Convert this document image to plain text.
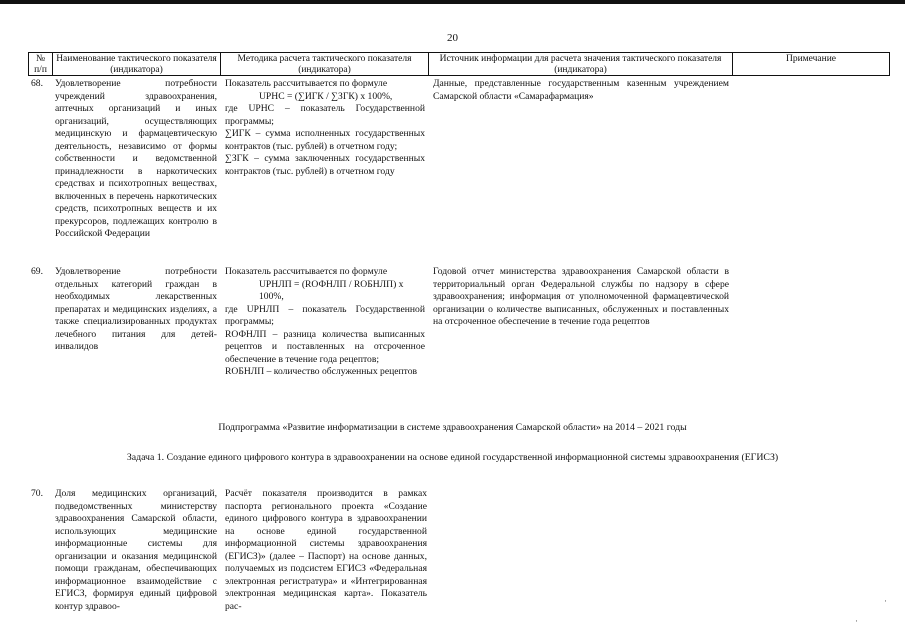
20
№
п/п
Наименование тактического показателя (индикатора)
Методика расчета тактического показателя (индикатора)
Источник информации для расчета значения тактического показателя (индикатора)
Примечание
68. Удовлетворение потребности учреждений здравоохранения, аптечных организаций и иных организаций, осуществляющих медицинскую и фармацевтическую деятельность, независимо от формы собственности и ведомственной принадлежности в наркотических средствах и психотропных веществах, включенных в перечень наркотических средств, психотропных веществ и их прекурсоров, подлежащих контролю в Российской Федерации

Показатель рассчитывается по формуле

UPНС = (∑ИГК / ∑ЗГК) x 100%,

где UPНС – показатель Государственной программы;

∑ИГК – сумма исполненных государственных контрактов (тыс. рублей) в отчетном году;

∑ЗГК – сумма заключенных государственных контрактов (тыс. рублей) в отчетном году

Данные, представленные государственным казенным учреждением Самарской области «Самарафармация»
69. Удовлетворение потребности отдельных категорий граждан в необходимых лекарственных препаратах и медицинских изделиях, а также специализированных продуктах лечебного питания для детей-инвалидов

Показатель рассчитывается по формуле

UPНЛП = (RОФНЛП / RОБНЛП) x 100%,

где UPНЛП – показатель Государственной программы;

RОФНЛП – разница количества выписанных рецептов и поставленных на отсроченное обеспечение в течение года рецептов;

RОБНЛП – количество обслуженных рецептов

Годовой отчет министерства здравоохранения Самарской области в территориальный орган Федеральной службы по надзору в сфере здравоохранения; информация от уполномоченной фармацевтической организации о количестве выписанных, обслуженных и поставленных на отсроченное обеспечение в течение года рецептов
Подпрограмма «Развитие информатизации в системе здравоохранения Самарской области» на 2014 – 2021 годы
Задача 1. Создание единого цифрового контура в здравоохранении на основе единой государственной информационной системы здравоохранения (ЕГИСЗ)
70. Доля медицинских организаций, подведомственных министерству здравоохранения Самарской области, использующих медицинские информационные системы для организации и оказания медицинской помощи гражданам, обеспечивающих информационное взаимодействие с ЕГИСЗ, формируя единый цифровой контур здравоо-
Расчёт показателя производится в рамках паспорта регионального проекта «Создание единого цифрового контура в здравоохранении на основе единой государственной информационной системы здравоохранения (ЕГИСЗ)» (далее – Паспорт) на основе данных, получаемых из подсистем ЕГИСЗ «Федеральная электронная регистратура» и «Интегрированная электронная медицинская карта». Показатель рас-	·
·
